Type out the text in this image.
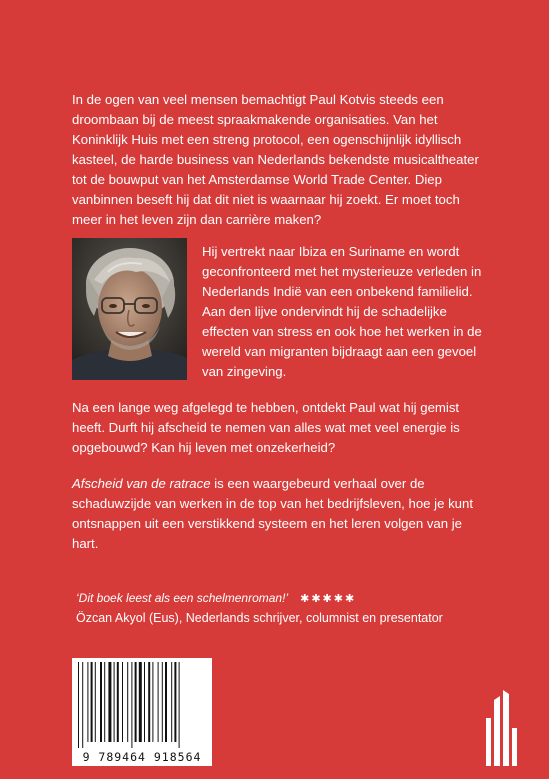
In de ogen van veel mensen bemachtigt Paul Kotvis steeds een droombaan bij de meest spraakmakende organisaties. Van het Koninklijk Huis met een streng protocol, een ogenschijnlijk idyllisch kasteel, de harde business van Nederlands bekendste musicaltheater tot de bouwput van het Amsterdamse World Trade Center. Diep vanbinnen beseft hij dat dit niet is waarnaar hij zoekt. Er moet toch meer in het leven zijn dan carrière maken?

Hij vertrekt naar Ibiza en Suriname en wordt geconfronteerd met het mysterieuze verleden in Nederlands Indië van een onbekend familielid. Aan den lijve ondervindt hij de schadelijke effecten van stress en ook hoe het werken in de wereld van migranten bijdraagt aan een gevoel van zingeving.

Na een lange weg afgelegd te hebben, ontdekt Paul wat hij gemist heeft. Durft hij afscheid te nemen van alles wat met veel energie is opgebouwd? Kan hij leven met onzekerheid?

Afscheid van de ratrace is een waargebeurd verhaal over de schaduwzijde van werken in de top van het bedrijfsleven, hoe je kunt ontsnappen uit een verstikkend systeem en het leren volgen van je hart.

‘Dit boek leest als een schelmenroman!’ ✱✱✱✱✱
Özcan Akyol (Eus), Nederlands schrijver, columnist en presentator
9 789464 918564
